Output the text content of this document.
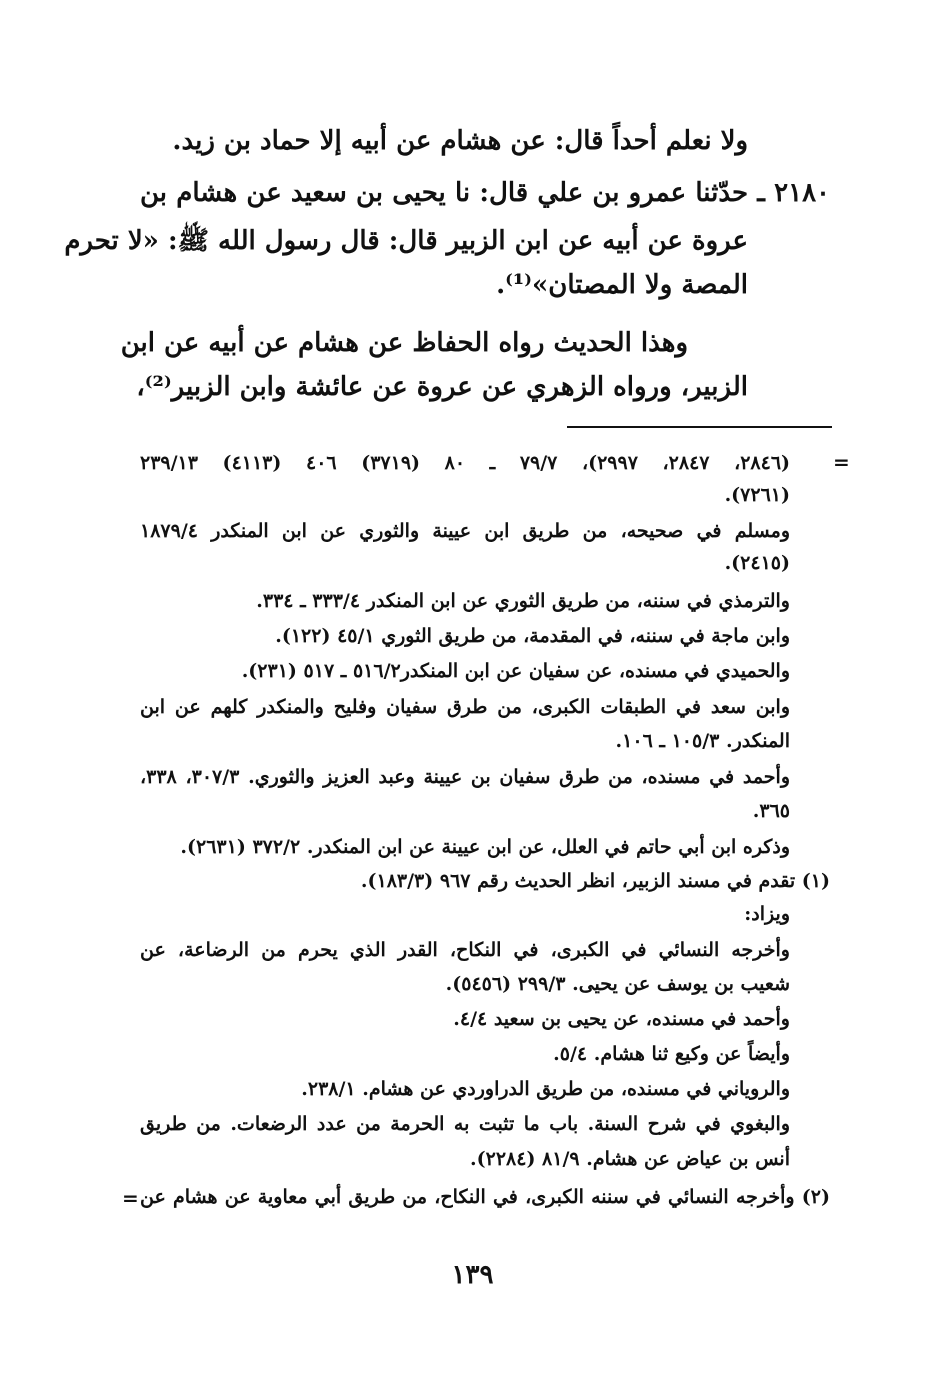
ولا نعلم أحداً قال: عن هشام عن أبيه إلا حماد بن زيد.
٢١٨٠ ـ حدّثنا عمرو بن علي قال: نا يحيى بن سعيد عن هشام بن
عروة عن أبيه عن ابن الزبير قال: قال رسول الله ﷺ: «لا تحرم
المصة ولا المصتان»⁽¹⁾.
وهذا الحديث رواه الحفاظ عن هشام عن أبيه عن ابن
الزبير، ورواه الزهري عن عروة عن عائشة وابن الزبير⁽²⁾،
=
(٢٨٤٦، ٢٨٤٧، ٢٩٩٧)، ٧٩/٧ ـ ٨٠ (٣٧١٩) ٤٠٦ (٤١١٣) ٢٣٩/١٣
(٧٢٦١).
ومسلم في صحيحه، من طريق ابن عيينة والثوري عن ابن المنكدر ١٨٧٩/٤
(٢٤١٥).
والترمذي في سننه، من طريق الثوري عن ابن المنكدر ٣٣٣/٤ ـ ٣٣٤.
وابن ماجة في سننه، في المقدمة، من طريق الثوري ٤٥/١ (١٢٢).
والحميدي في مسنده، عن سفيان عن ابن المنكدر٥١٦/٢ ـ ٥١٧ (٢٣١).
وابن سعد في الطبقات الكبرى، من طرق سفيان وفليح والمنكدر كلهم عن ابن
المنكدر. ١٠٥/٣ ـ ١٠٦.
وأحمد في مسنده، من طرق سفيان بن عيينة وعبد العزيز والثوري. ٣٠٧/٣، ٣٣٨،
٣٦٥.
وذكره ابن أبي حاتم في العلل، عن ابن عيينة عن ابن المنكدر. ٣٧٢/٢ (٢٦٣١).
(١) تقدم في مسند الزبير، انظر الحديث رقم ٩٦٧ (١٨٣/٣).
ويزاد:
وأخرجه النسائي في الكبرى، في النكاح، القدر الذي يحرم من الرضاعة، عن
شعيب بن يوسف عن يحيى. ٢٩٩/٣ (٥٤٥٦).
وأحمد في مسنده، عن يحيى بن سعيد ٤/٤.
وأيضاً عن وكيع ثنا هشام. ٥/٤.
والروياني في مسنده، من طريق الدراوردي عن هشام. ٢٣٨/١.
والبغوي في شرح السنة. باب ما تثبت به الحرمة من عدد الرضعات. من طريق
أنس بن عياض عن هشام. ٨١/٩ (٢٢٨٤).
(٢) وأخرجه النسائي في سننه الكبرى، في النكاح، من طريق أبي معاوية عن هشام عن
=
١٣٩
